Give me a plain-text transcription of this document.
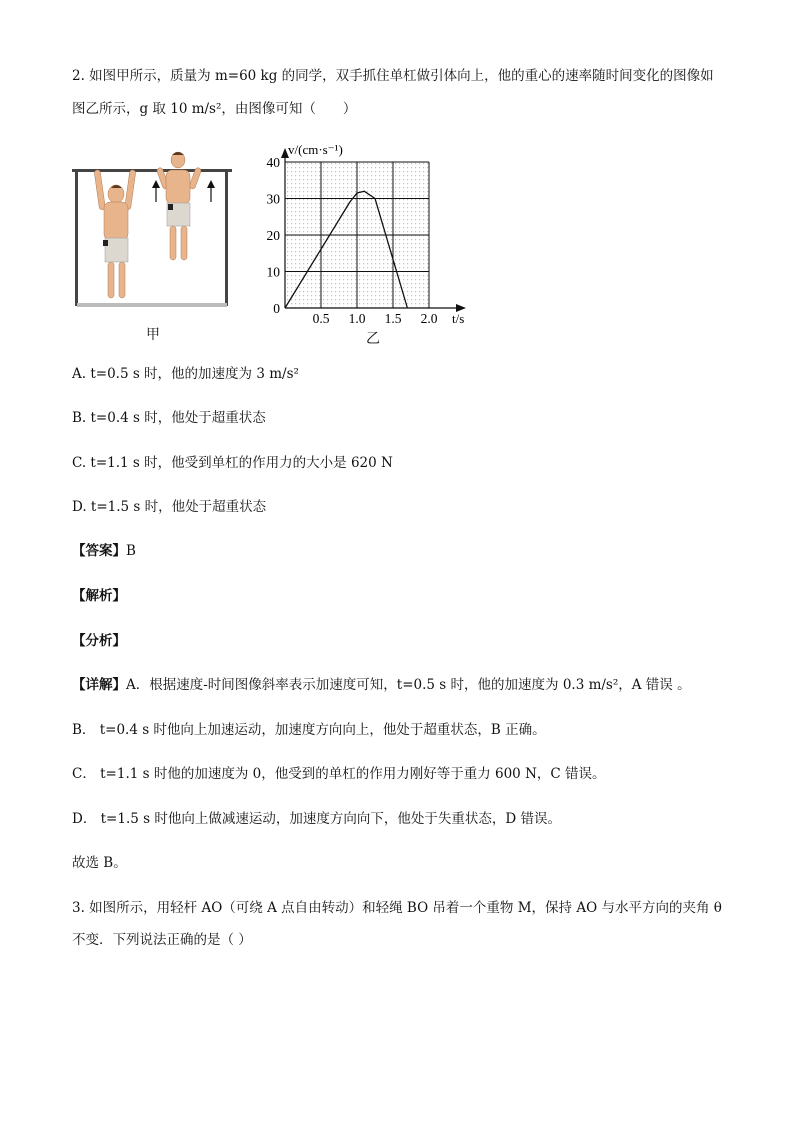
2. 如图甲所示，质量为 m=60 kg 的同学，双手抓住单杠做引体向上，他的重心的速率随时间变化的图像如
图乙所示，g 取 10 m/s²，由图像可知（　　）
甲
0
10
20
30
40
0.5 1.0 1.5 2.0
v/(cm·s⁻¹)
t/s
乙
A. t=0.5 s 时，他的加速度为 3 m/s²
B. t=0.4 s 时，他处于超重状态
C. t=1.1 s 时，他受到单杠的作用力的大小是 620 N
D. t=1.5 s 时，他处于超重状态
【答案】B
【解析】
【分析】
【详解】A．根据速度-时间图像斜率表示加速度可知，t=0.5 s 时，他的加速度为 0.3 m/s²，A 错误 。
B． t=0.4 s 时他向上加速运动，加速度方向向上，他处于超重状态，B 正确。
C． t=1.1 s 时他的加速度为 0，他受到的单杠的作用力刚好等于重力 600 N，C 错误。
D． t=1.5 s 时他向上做减速运动，加速度方向向下，他处于失重状态，D 错误。
故选 B。
3. 如图所示，用轻杆 AO（可绕 A 点自由转动）和轻绳 BO 吊着一个重物 M，保持 AO 与水平方向的夹角 θ
不变．下列说法正确的是（ ）
